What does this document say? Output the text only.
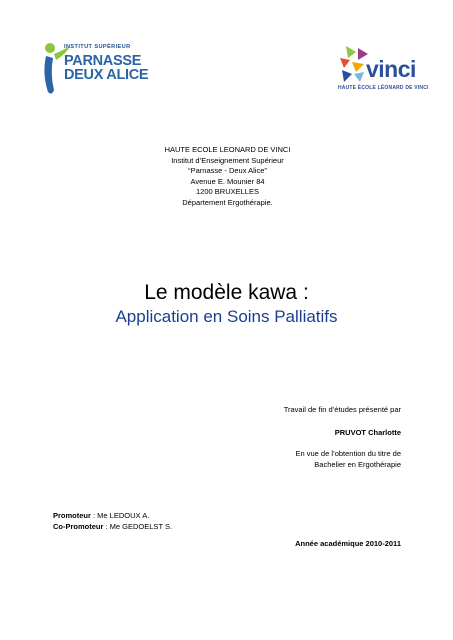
INSTITUT SUPÉRIEUR
PARNASSE
DEUX ALICE	vinci
HAUTE ÉCOLE LÉONARD DE VINCI
HAUTE ECOLE LEONARD DE VINCI
Institut d’Enseignement Supérieur
“Parnasse - Deux Alice”
Avenue E. Mounier 84
1200 BRUXELLES
Département Ergothérapie.
Le modèle kawa :
Application en Soins Palliatifs
Travail de fin d’études présenté par
PRUVOT Charlotte
En vue de l’obtention du titre de
Bachelier en Ergothérapie
Promoteur : Me LEDOUX A.
Co-Promoteur : Me GEDOELST S.
Année académique 2010-2011
